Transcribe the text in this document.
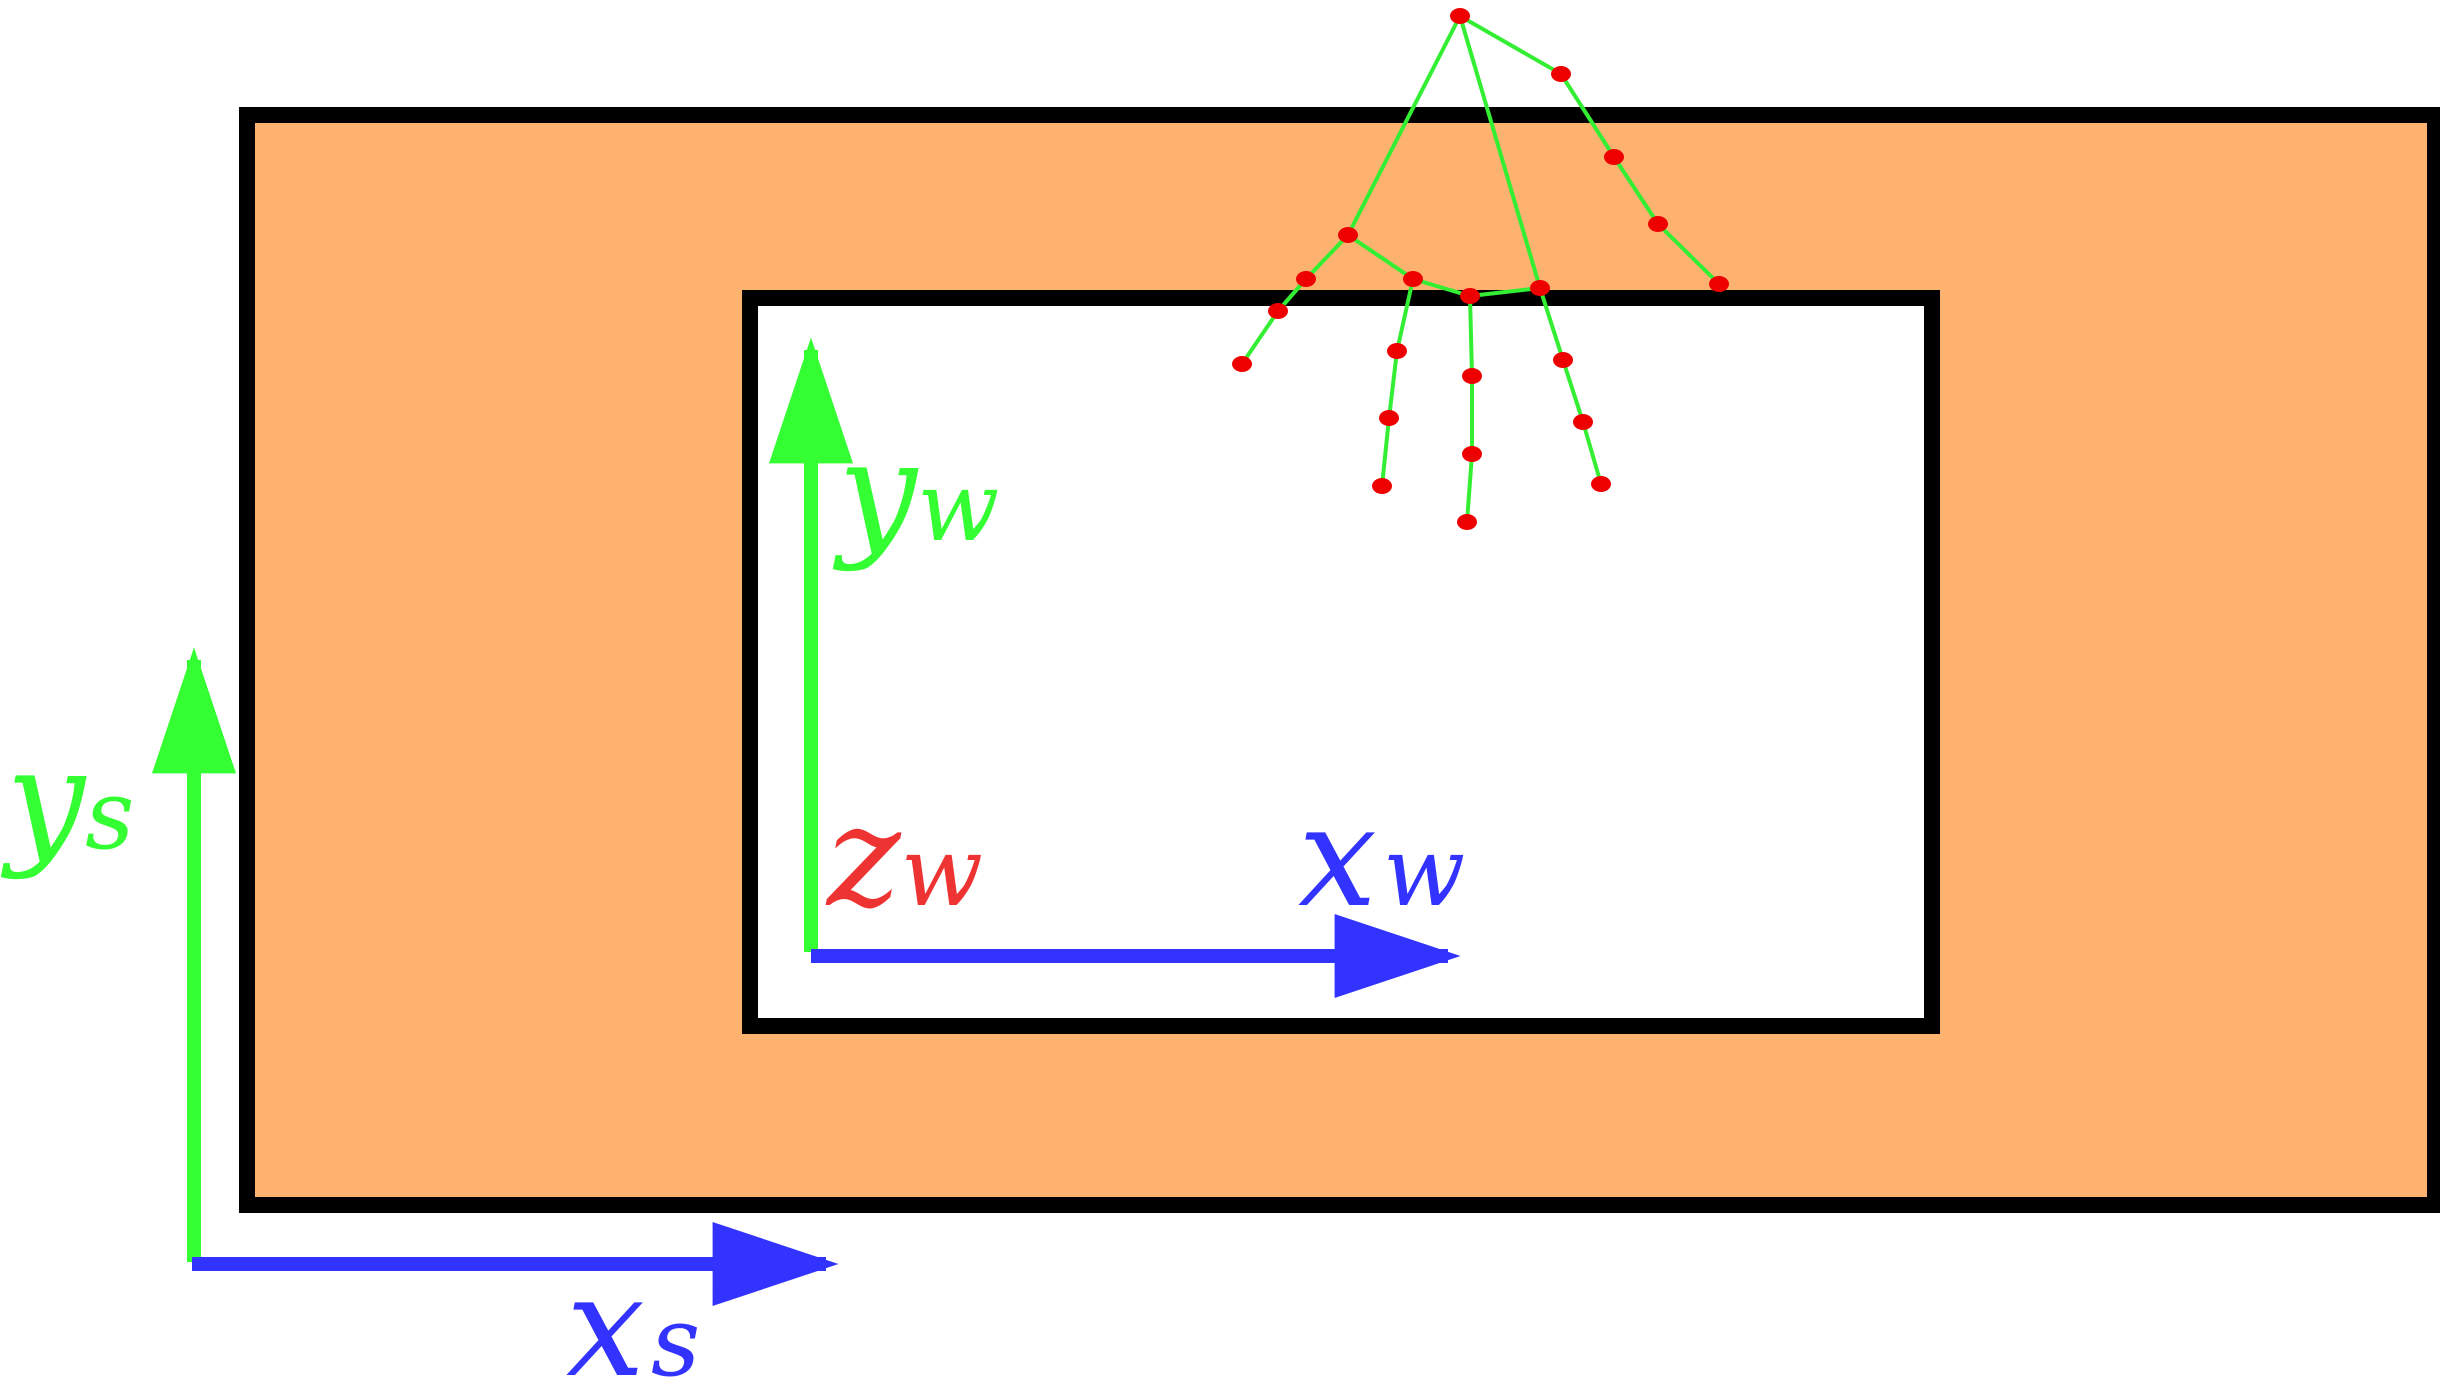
ys
xs
yw
zw xw
